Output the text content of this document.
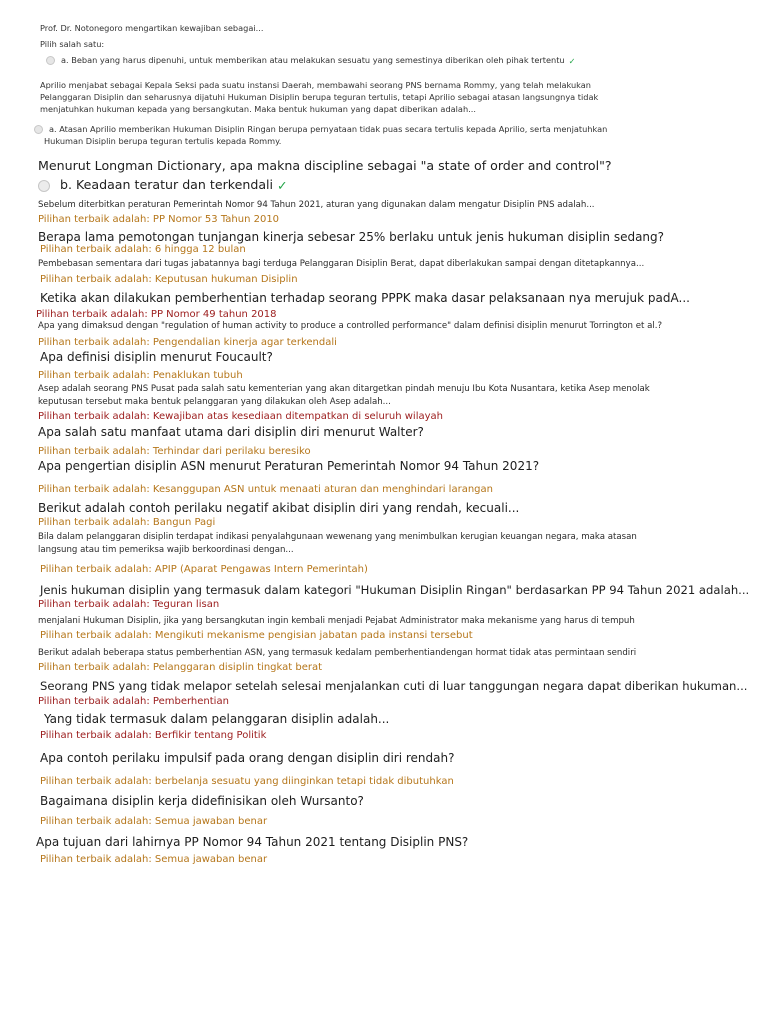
Prof. Dr. Notonegoro mengartikan kewajiban sebagai...
Pilih salah satu:
a. Beban yang harus dipenuhi, untuk memberikan atau melakukan sesuatu yang semestinya diberikan oleh pihak tertentu ✓
Aprilio menjabat sebagai Kepala Seksi pada suatu instansi Daerah, membawahi seorang PNS bernama Rommy, yang telah melakukan
Pelanggaran Disiplin dan seharusnya dijatuhi Hukuman Disiplin berupa teguran tertulis, tetapi Aprilio sebagai atasan langsungnya tidak
menjatuhkan hukuman kepada yang bersangkutan. Maka bentuk hukuman yang dapat diberikan adalah...
a. Atasan Aprilio memberikan Hukuman Disiplin Ringan berupa pernyataan tidak puas secara tertulis kepada Aprilio, serta menjatuhkan
Hukuman Disiplin berupa teguran tertulis kepada Rommy.
Menurut Longman Dictionary, apa makna discipline sebagai "a state of order and control"?
b. Keadaan teratur dan terkendali ✓
Sebelum diterbitkan peraturan Pemerintah Nomor 94 Tahun 2021, aturan yang digunakan dalam mengatur Disiplin PNS adalah...
Pilihan terbaik adalah: PP Nomor 53 Tahun 2010
Berapa lama pemotongan tunjangan kinerja sebesar 25% berlaku untuk jenis hukuman disiplin sedang?
Pilihan terbaik adalah: 6 hingga 12 bulan
Pembebasan sementara dari tugas jabatannya bagi terduga Pelanggaran Disiplin Berat, dapat diberlakukan sampai dengan ditetapkannya...
Pilihan terbaik adalah: Keputusan hukuman Disiplin
Ketika akan dilakukan pemberhentian terhadap seorang PPPK maka dasar pelaksanaan nya merujuk padA...
Pilihan terbaik adalah: PP Nomor 49 tahun 2018
Apa yang dimaksud dengan "regulation of human activity to produce a controlled performance" dalam definisi disiplin menurut Torrington et al.?
Pilihan terbaik adalah: Pengendalian kinerja agar terkendali
Apa definisi disiplin menurut Foucault?
Pilihan terbaik adalah: Penaklukan tubuh
Asep adalah seorang PNS Pusat pada salah satu kementerian yang akan ditargetkan pindah menuju Ibu Kota Nusantara, ketika Asep menolak
keputusan tersebut maka bentuk pelanggaran yang dilakukan oleh Asep adalah...
Pilihan terbaik adalah: Kewajiban atas kesediaan ditempatkan di seluruh wilayah
Apa salah satu manfaat utama dari disiplin diri menurut Walter?
Pilihan terbaik adalah: Terhindar dari perilaku beresiko
Apa pengertian disiplin ASN menurut Peraturan Pemerintah Nomor 94 Tahun 2021?
Pilihan terbaik adalah: Kesanggupan ASN untuk menaati aturan dan menghindari larangan
Berikut adalah contoh perilaku negatif akibat disiplin diri yang rendah, kecuali...
Pilihan terbaik adalah: Bangun Pagi
Bila dalam pelanggaran disiplin terdapat indikasi penyalahgunaan wewenang yang menimbulkan kerugian keuangan negara, maka atasan
langsung atau tim pemeriksa wajib berkoordinasi dengan...
Pilihan terbaik adalah: APIP (Aparat Pengawas Intern Pemerintah)
Jenis hukuman disiplin yang termasuk dalam kategori "Hukuman Disiplin Ringan" berdasarkan PP 94 Tahun 2021 adalah...
Pilihan terbaik adalah: Teguran lisan
menjalani Hukuman Disiplin, jika yang bersangkutan ingin kembali menjadi Pejabat Administrator maka mekanisme yang harus di tempuh
Pilihan terbaik adalah: Mengikuti mekanisme pengisian jabatan pada instansi tersebut
Berikut adalah beberapa status pemberhentian ASN, yang termasuk kedalam pemberhentiandengan hormat tidak atas permintaan sendiri
Pilihan terbaik adalah: Pelanggaran disiplin tingkat berat
Seorang PNS yang tidak melapor setelah selesai menjalankan cuti di luar tanggungan negara dapat diberikan hukuman...
Pilihan terbaik adalah: Pemberhentian
Yang tidak termasuk dalam pelanggaran disiplin adalah...
Pilihan terbaik adalah: Berfikir tentang Politik
Apa contoh perilaku impulsif pada orang dengan disiplin diri rendah?
Pilihan terbaik adalah: berbelanja sesuatu yang diinginkan tetapi tidak dibutuhkan
Bagaimana disiplin kerja didefinisikan oleh Wursanto?
Pilihan terbaik adalah: Semua jawaban benar
Apa tujuan dari lahirnya PP Nomor 94 Tahun 2021 tentang Disiplin PNS?
Pilihan terbaik adalah: Semua jawaban benar
